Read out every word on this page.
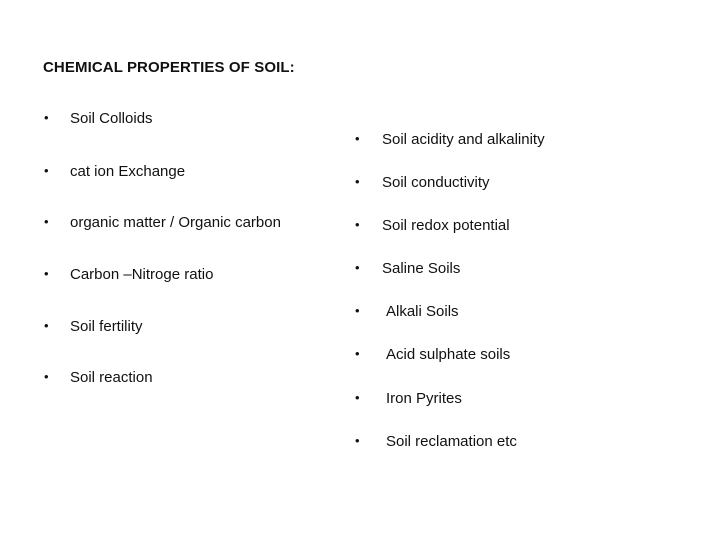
CHEMICAL PROPERTIES OF SOIL:
• Soil Colloids
• cat ion Exchange
• organic matter / Organic carbon
• Carbon –Nitroge ratio
• Soil fertility
• Soil reaction
• Soil acidity and alkalinity
• Soil conductivity
• Soil redox potential
• Saline Soils
• Alkali Soils
• Acid sulphate soils
• Iron Pyrites
• Soil reclamation etc
